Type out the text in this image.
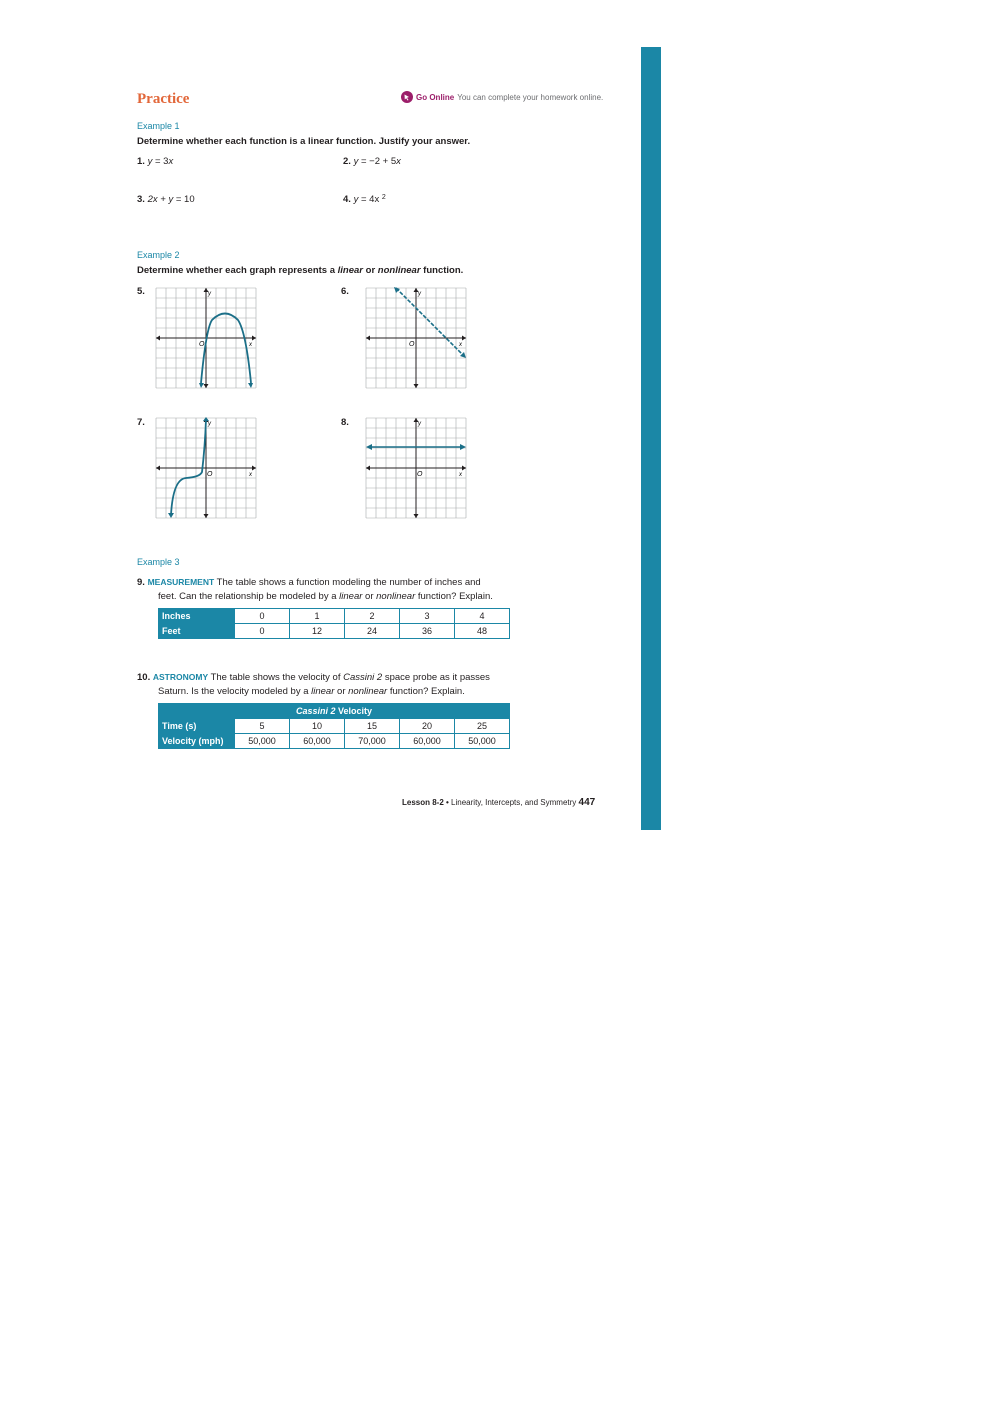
Practice	Go Online You can complete your homework online.
Example 1
Determine whether each function is a linear function. Justify your answer.
1. y = 3x	2. y = −2 + 5x
3. 2x + y = 10	4. y = 4x $^2$
Example 2
Determine whether each graph represents a linear or nonlinear function.
5.	6.
7.	8.
O	x
y
O	x
y
O	x
y
O	x
y
Example 3
9. MEASUREMENT The table shows a function modeling the number of inches and
feet. Can the relationship be modeled by a linear or nonlinear function? Explain.
Inches	0	1	2	3	4
Feet	0	12	24	36	48
10. ASTRONOMY The table shows the velocity of Cassini 2 space probe as it passes
Saturn. Is the velocity modeled by a linear or nonlinear function? Explain.
Cassini 2 Velocity					
Time (s)	5	10	15	20	25
Velocity (mph)	50,000	60,000	70,000	60,000	50,000
Lesson 8-2 • Linearity, Intercepts, and Symmetry 447
